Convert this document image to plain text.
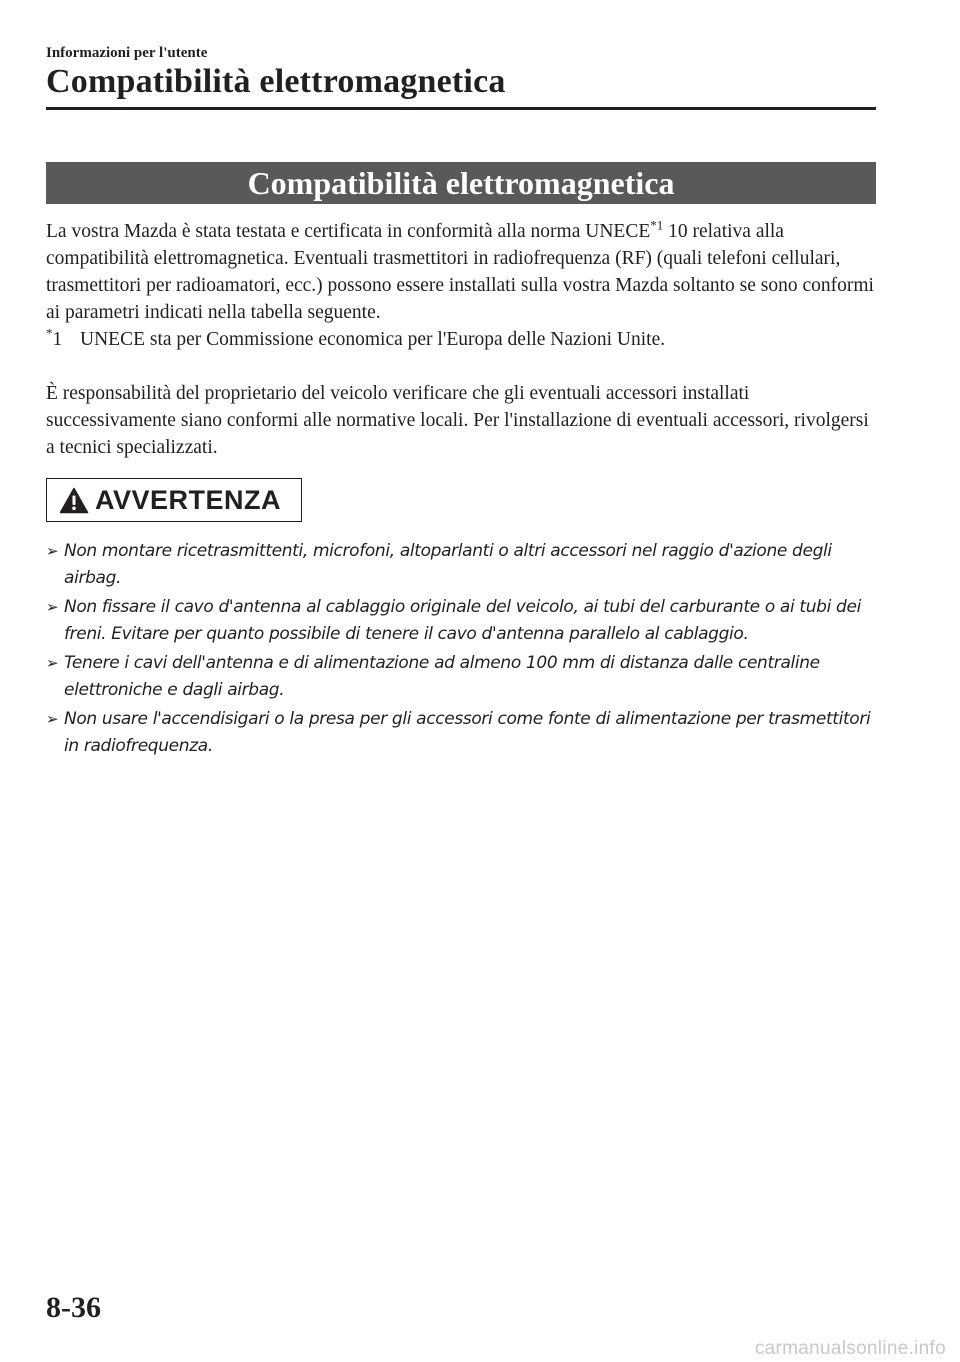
Informazioni per l'utente
Compatibilità elettromagnetica
Compatibilità elettromagnetica

La vostra Mazda è stata testata e certificata in conformità alla norma UNECE$^{*1}$ 10 relativa alla compatibilità elettromagnetica. Eventuali trasmettitori in radiofrequenza (RF) (quali telefoni cellulari, trasmettitori per radioamatori, ecc.) possono essere installati sulla vostra Mazda soltanto se sono conformi ai parametri indicati nella tabella seguente.

*1 UNECE sta per Commissione economica per l'Europa delle Nazioni Unite.

È responsabilità del proprietario del veicolo verificare che gli eventuali accessori installati successivamente siano conformi alle normative locali. Per l'installazione di eventuali accessori, rivolgersi a tecnici specializzati.

AVVERTENZA
➢ Non montare ricetrasmittenti, microfoni, altoparlanti o altri accessori nel raggio d'azione degli airbag.
➢ Non fissare il cavo d'antenna al cablaggio originale del veicolo, ai tubi del carburante o ai tubi dei freni. Evitare per quanto possibile di tenere il cavo d'antenna parallelo al cablaggio.
➢ Tenere i cavi dell'antenna e di alimentazione ad almeno 100 mm di distanza dalle centraline elettroniche e dagli airbag.
➢ Non usare l'accendisigari o la presa per gli accessori come fonte di alimentazione per trasmettitori in radiofrequenza.
8-36
carmanualsonline.info
